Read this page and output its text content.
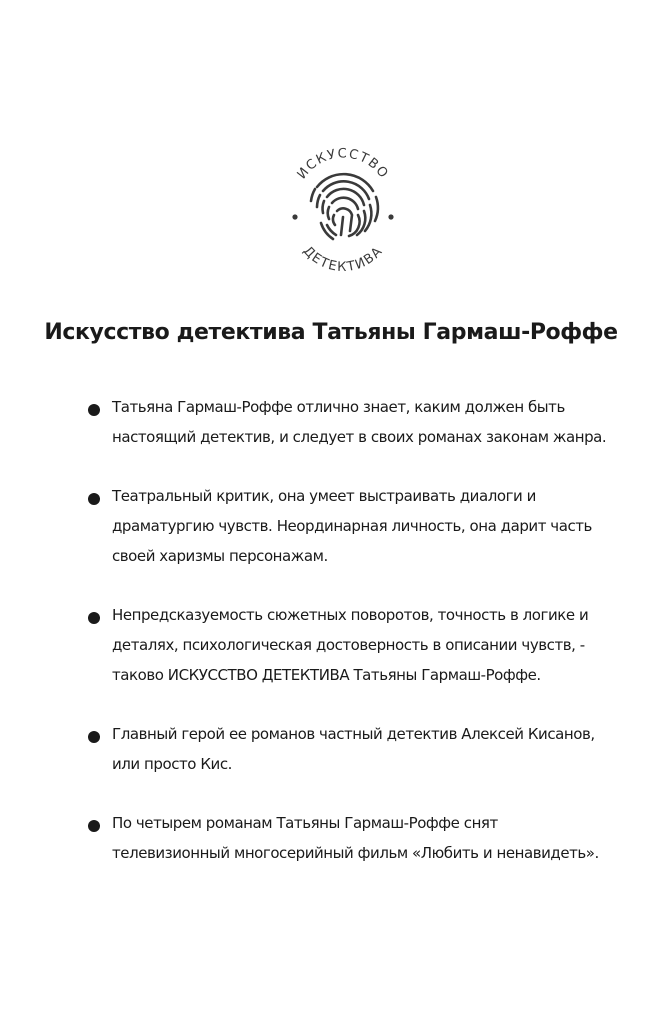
ИСКУССТВО
ДЕТЕКТИВА
Искусство детектива Татьяны Гармаш-Роффе
Татьяна Гармаш-Роффе отлично знает, каким должен быть настоящий детектив, и следует в своих романах законам жанра.
Театральный критик, она умеет выстраивать диалоги и драматургию чувств. Неординарная личность, она дарит часть своей харизмы персонажам.
Непредсказуемость сюжетных поворотов, точность в логике и деталях, психологическая достоверность в описании чувств, - таково ИСКУССТВО ДЕТЕКТИВА Татьяны Гармаш-Роффе.
Главный герой ее романов частный детектив Алексей Кисанов, или просто Кис.
По четырем романам Татьяны Гармаш-Роффе снят телевизионный многосерийный фильм «Любить и ненавидеть».
